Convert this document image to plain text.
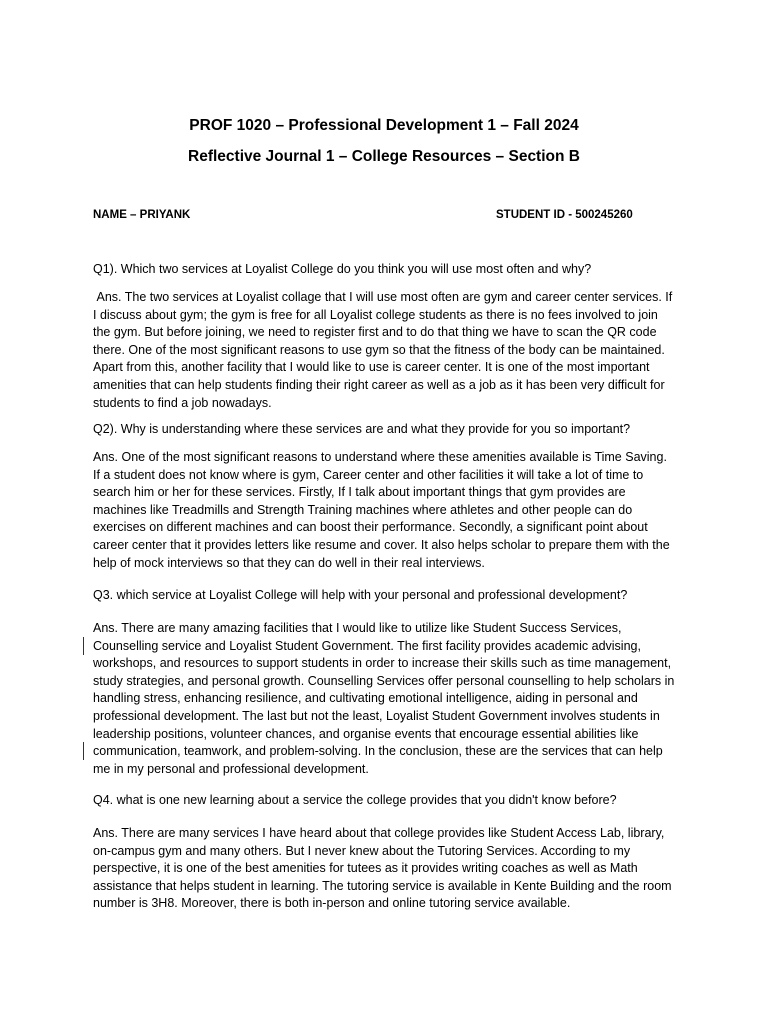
PROF 1020 – Professional Development 1 – Fall 2024
Reflective Journal 1 – College Resources – Section B
NAME – PRIYANK	STUDENT ID - 500245260

Q1). Which two services at Loyalist College do you think you will use most often and why?

Ans. The two services at Loyalist collage that I will use most often are gym and career center services. If I discuss about gym; the gym is free for all Loyalist college students as there is no fees involved to join the gym. But before joining, we need to register first and to do that thing we have to scan the QR code there. One of the most significant reasons to use gym so that the fitness of the body can be maintained. Apart from this, another facility that I would like to use is career center. It is one of the most important amenities that can help students finding their right career as well as a job as it has been very difficult for students to find a job nowadays.

Q2). Why is understanding where these services are and what they provide for you so important?

Ans. One of the most significant reasons to understand where these amenities available is Time Saving. If a student does not know where is gym, Career center and other facilities it will take a lot of time to search him or her for these services. Firstly, If I talk about important things that gym provides are machines like Treadmills and Strength Training machines where athletes and other people can do exercises on different machines and can boost their performance. Secondly, a significant point about career center that it provides letters like resume and cover. It also helps scholar to prepare them with the help of mock interviews so that they can do well in their real interviews.

Q3. which service at Loyalist College will help with your personal and professional development?

Ans. There are many amazing facilities that I would like to utilize like Student Success Services, Counselling service and Loyalist Student Government. The first facility provides academic advising, workshops, and resources to support students in order to increase their skills such as time management, study strategies, and personal growth. Counselling Services offer personal counselling to help scholars in handling stress, enhancing resilience, and cultivating emotional intelligence, aiding in personal and professional development. The last but not the least, Loyalist Student Government involves students in leadership positions, volunteer chances, and organise events that encourage essential abilities like communication, teamwork, and problem-solving. In the conclusion, these are the services that can help me in my personal and professional development.

Q4. what is one new learning about a service the college provides that you didn't know before?

Ans. There are many services I have heard about that college provides like Student Access Lab, library, on-campus gym and many others. But I never knew about the Tutoring Services. According to my perspective, it is one of the best amenities for tutees as it provides writing coaches as well as Math assistance that helps student in learning. The tutoring service is available in Kente Building and the room number is 3H8. Moreover, there is both in-person and online tutoring service available.
